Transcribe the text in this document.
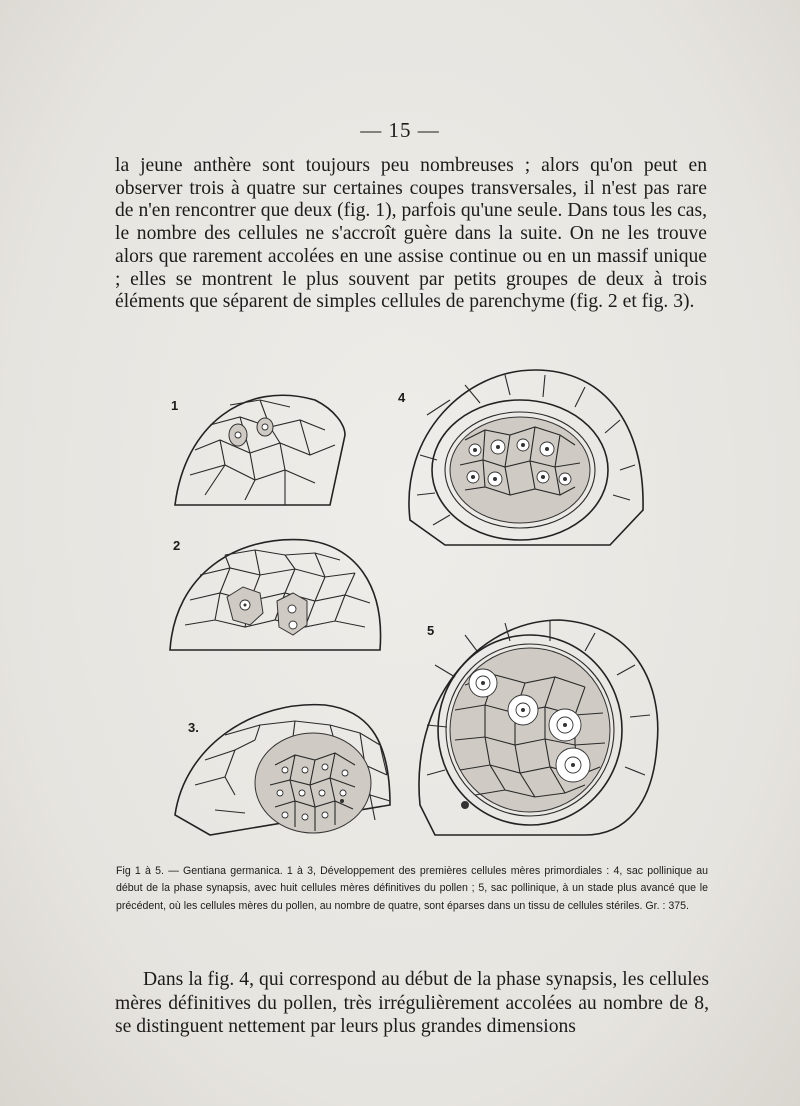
— 15 —

la jeune anthère sont toujours peu nombreuses ; alors qu'on peut en observer trois à quatre sur certaines coupes transversales, il n'est pas rare de n'en rencontrer que deux (fig. 1), parfois qu'une seule. Dans tous les cas, le nombre des cellules ne s'accroît guère dans la suite. On ne les trouve alors que rarement accolées en une assise continue ou en un massif unique ; elles se montrent le plus souvent par petits groupes de deux à trois éléments que séparent de simples cellules de parenchyme (fig. 2 et fig. 3).

1
2
3.
4
5

Fig 1 à 5. — Gentiana germanica. 1 à 3, Développement des premières cellules mères primordiales : 4, sac pollinique au début de la phase synapsis, avec huit cellules mères définitives du pollen ; 5, sac pollinique, à un stade plus avancé que le précédent, où les cellules mères du pollen, au nombre de quatre, sont éparses dans un tissu de cellules stériles. Gr. : 375.

Dans la fig. 4, qui correspond au début de la phase synapsis, les cellules mères définitives du pollen, très irrégulièrement accolées au nombre de 8, se distinguent nettement par leurs plus grandes dimensions
